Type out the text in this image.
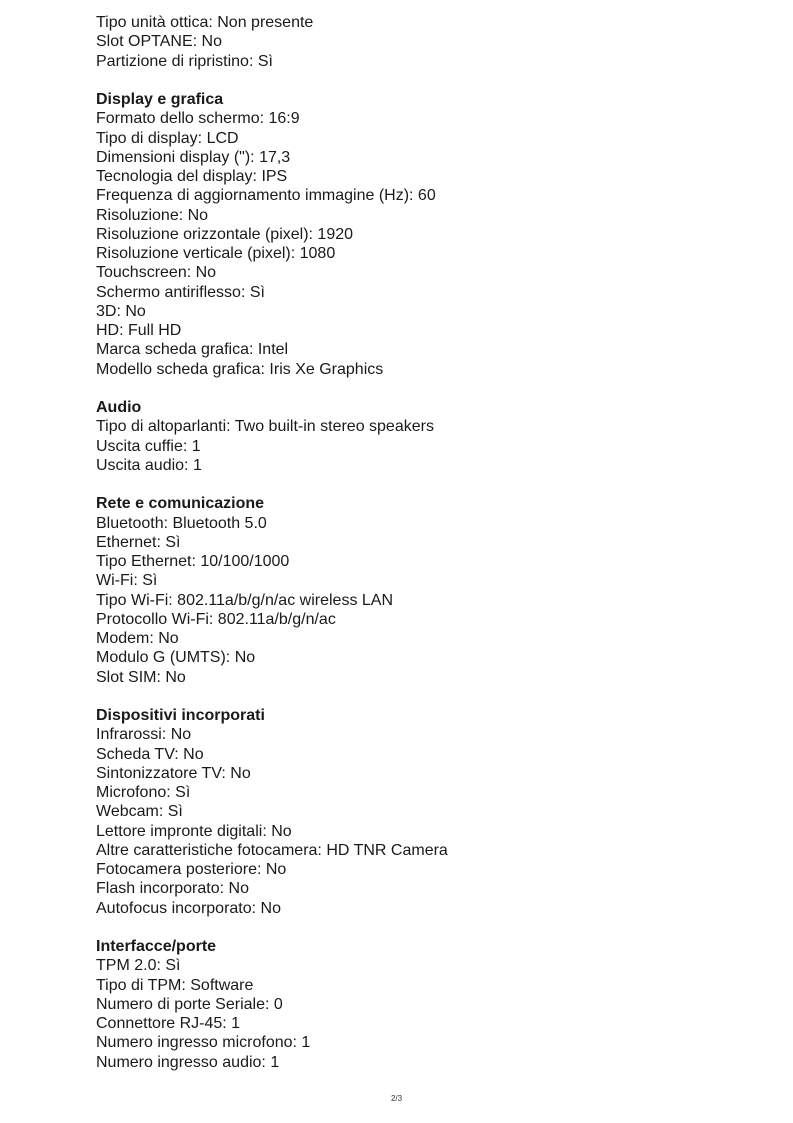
Tipo unità ottica: Non presente
Slot OPTANE: No
Partizione di ripristino: Sì
Display e grafica
Formato dello schermo: 16:9
Tipo di display: LCD
Dimensioni display ("): 17,3
Tecnologia del display: IPS
Frequenza di aggiornamento immagine (Hz): 60
Risoluzione: No
Risoluzione orizzontale (pixel): 1920
Risoluzione verticale (pixel): 1080
Touchscreen: No
Schermo antiriflesso: Sì
3D: No
HD: Full HD
Marca scheda grafica: Intel
Modello scheda grafica: Iris Xe Graphics
Audio
Tipo di altoparlanti: Two built-in stereo speakers
Uscita cuffie: 1
Uscita audio: 1
Rete e comunicazione
Bluetooth: Bluetooth 5.0
Ethernet: Sì
Tipo Ethernet: 10/100/1000
Wi-Fi: Sì
Tipo Wi-Fi: 802.11a/b/g/n/ac wireless LAN
Protocollo Wi-Fi: 802.11a/b/g/n/ac
Modem: No
Modulo G (UMTS): No
Slot SIM: No
Dispositivi incorporati
Infrarossi: No
Scheda TV: No
Sintonizzatore TV: No
Microfono: Sì
Webcam: Sì
Lettore impronte digitali: No
Altre caratteristiche fotocamera: HD TNR Camera
Fotocamera posteriore: No
Flash incorporato: No
Autofocus incorporato: No
Interfacce/porte
TPM 2.0: Sì
Tipo di TPM: Software
Numero di porte Seriale: 0
Connettore RJ-45: 1
Numero ingresso microfono: 1
Numero ingresso audio: 1
2/3
